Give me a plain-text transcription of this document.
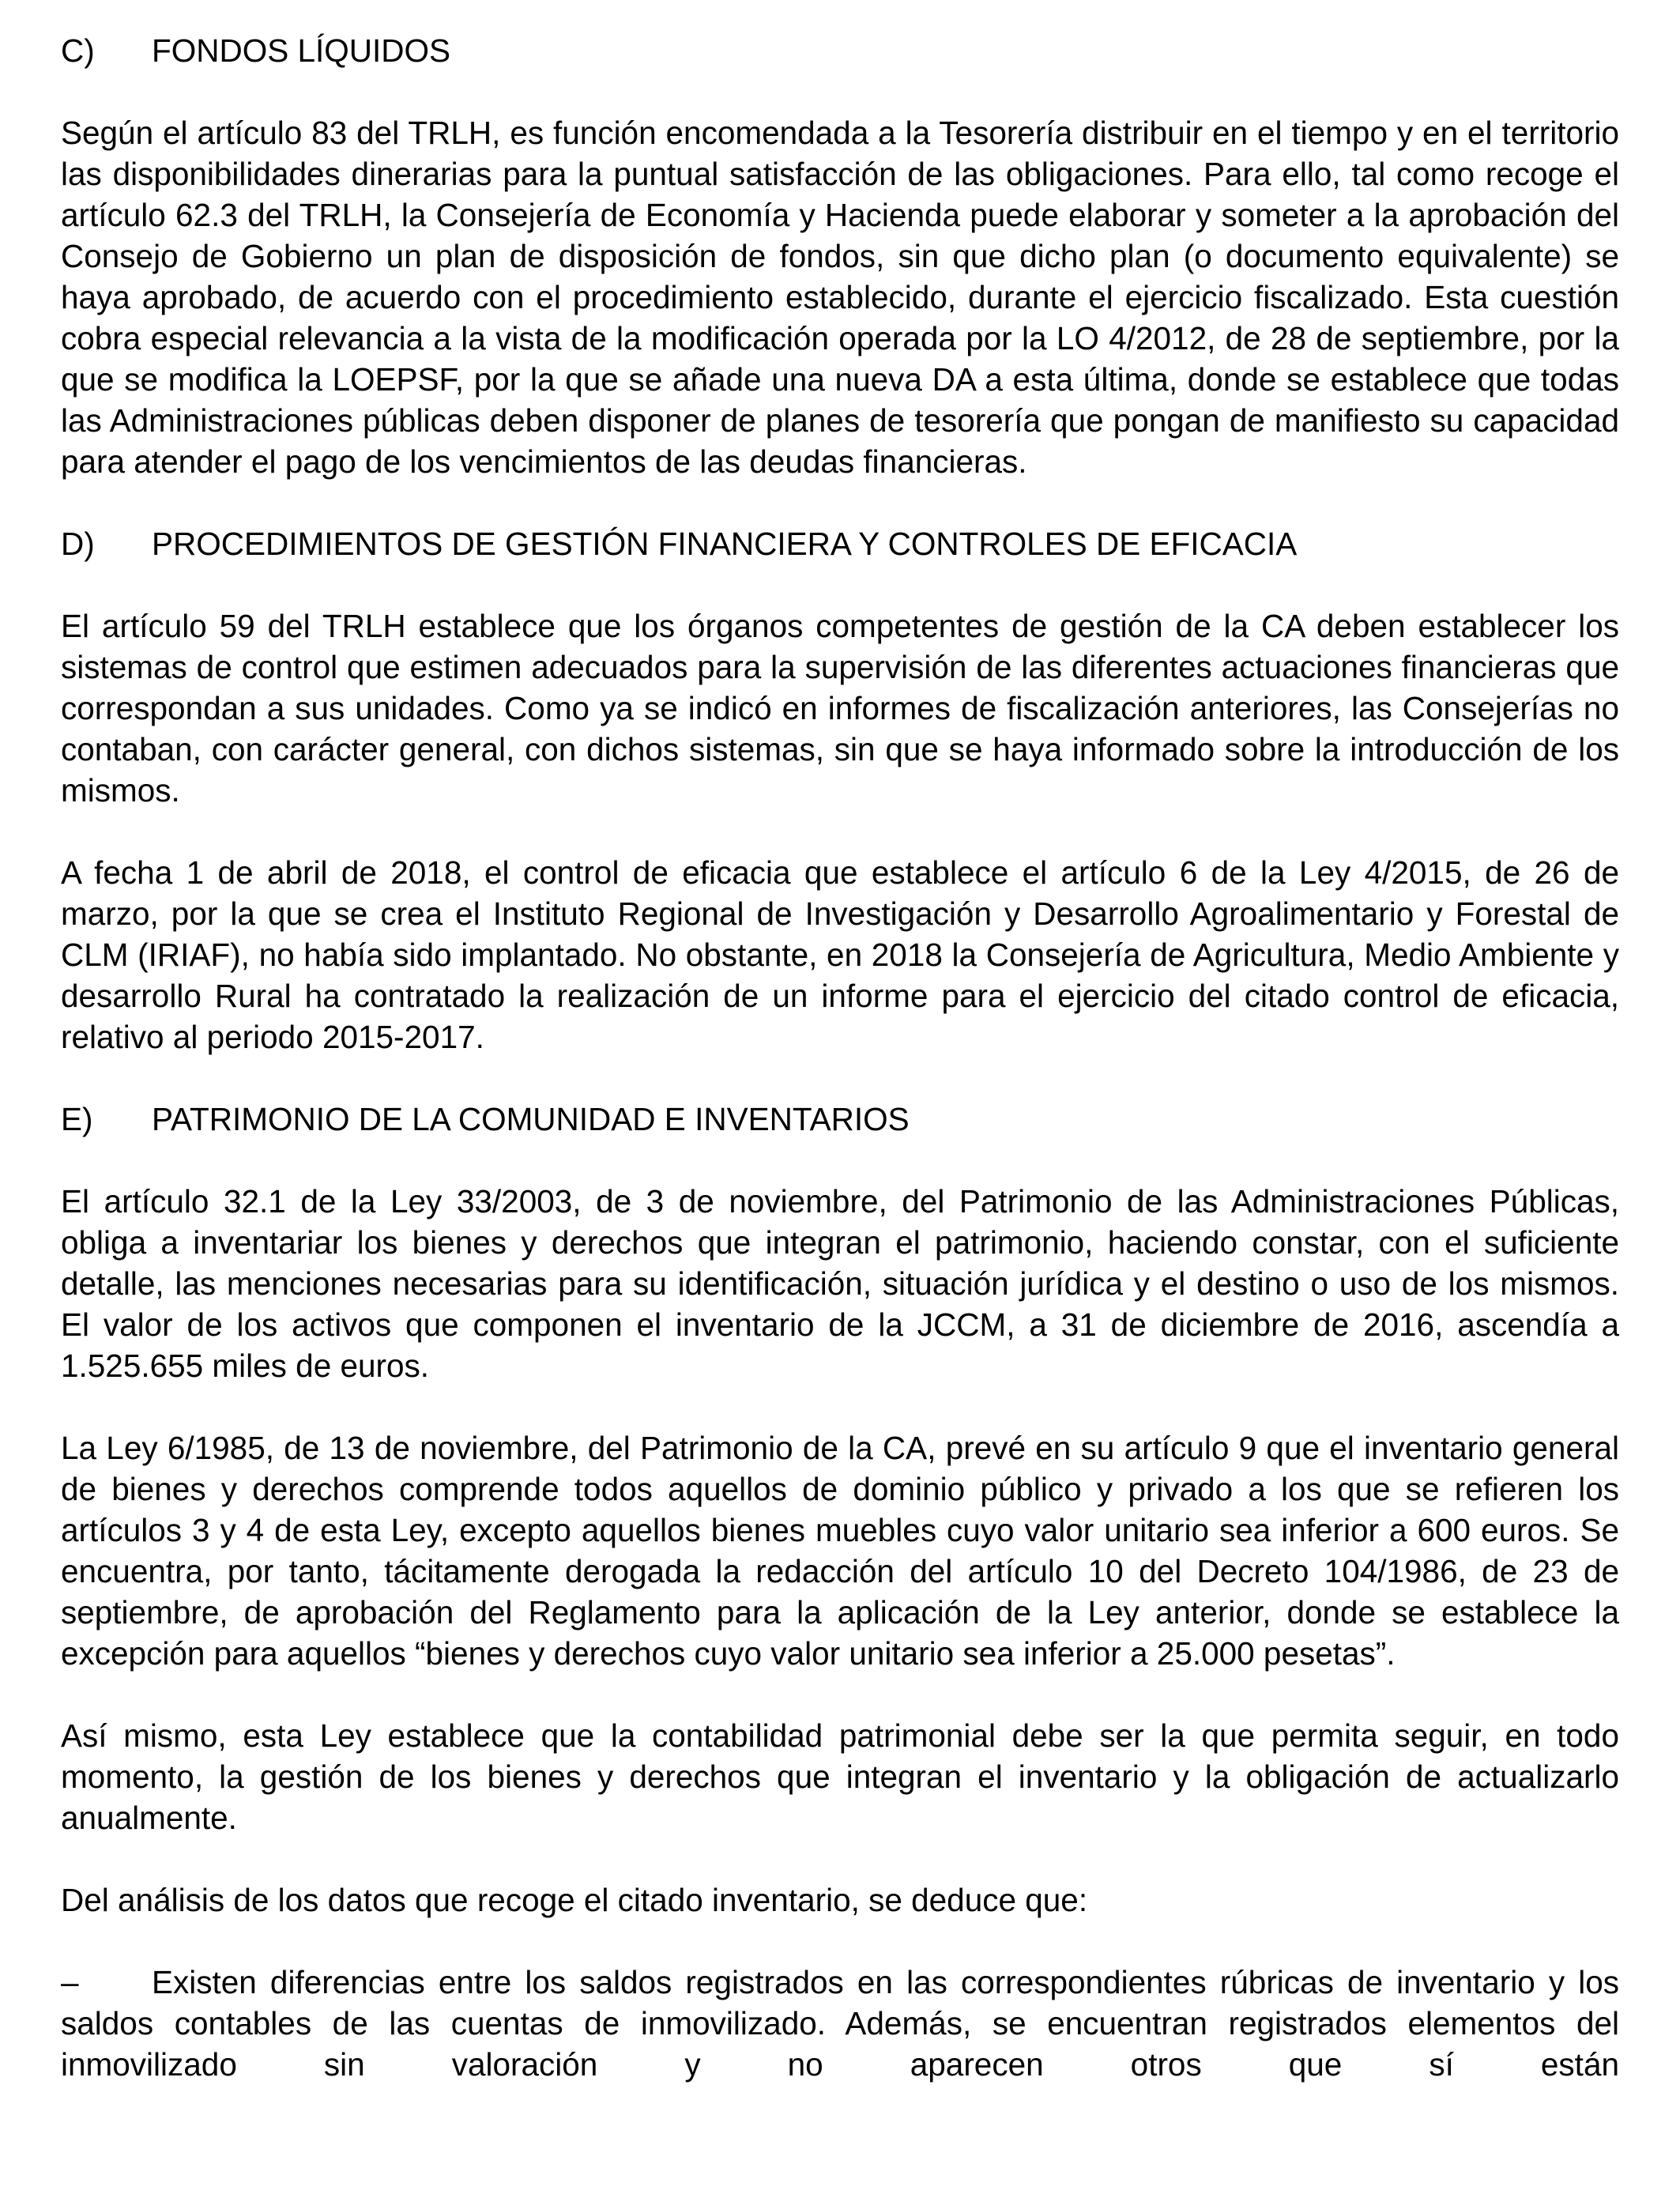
C)	FONDOS LÍQUIDOS

Según el artículo 83 del TRLH, es función encomendada a la Tesorería distribuir en el tiempo y en el territorio las disponibilidades dinerarias para la puntual satisfacción de las obligaciones. Para ello, tal como recoge el artículo 62.3 del TRLH, la Consejería de Economía y Hacienda puede elaborar y someter a la aprobación del Consejo de Gobierno un plan de disposición de fondos, sin que dicho plan (o documento equivalente) se haya aprobado, de acuerdo con el procedimiento establecido, durante el ejercicio fiscalizado. Esta cuestión cobra especial relevancia a la vista de la modificación operada por la LO 4/2012, de 28 de septiembre, por la que se modifica la LOEPSF, por la que se añade una nueva DA a esta última, donde se establece que todas las Administraciones públicas deben disponer de planes de tesorería que pongan de manifiesto su capacidad para atender el pago de los vencimientos de las deudas financieras.

D)	PROCEDIMIENTOS DE GESTIÓN FINANCIERA Y CONTROLES DE EFICACIA

El artículo 59 del TRLH establece que los órganos competentes de gestión de la CA deben establecer los sistemas de control que estimen adecuados para la supervisión de las diferentes actuaciones financieras que correspondan a sus unidades. Como ya se indicó en informes de fiscalización anteriores, las Consejerías no contaban, con carácter general, con dichos sistemas, sin que se haya informado sobre la introducción de los mismos.

A fecha 1 de abril de 2018, el control de eficacia que establece el artículo 6 de la Ley 4/2015, de 26 de marzo, por la que se crea el Instituto Regional de Investigación y Desarrollo Agroalimentario y Forestal de CLM (IRIAF), no había sido implantado. No obstante, en 2018 la Consejería de Agricultura, Medio Ambiente y desarrollo Rural ha contratado la realización de un informe para el ejercicio del citado control de eficacia, relativo al periodo 2015-2017.

E)	PATRIMONIO DE LA COMUNIDAD E INVENTARIOS

El artículo 32.1 de la Ley 33/2003, de 3 de noviembre, del Patrimonio de las Administraciones Públicas, obliga a inventariar los bienes y derechos que integran el patrimonio, haciendo constar, con el suficiente detalle, las menciones necesarias para su identificación, situación jurídica y el destino o uso de los mismos. El valor de los activos que componen el inventario de la JCCM, a 31 de diciembre de 2016, ascendía a 1.525.655 miles de euros.

La Ley 6/1985, de 13 de noviembre, del Patrimonio de la CA, prevé en su artículo 9 que el inventario general de bienes y derechos comprende todos aquellos de dominio público y privado a los que se refieren los artículos 3 y 4 de esta Ley, excepto aquellos bienes muebles cuyo valor unitario sea inferior a 600 euros. Se encuentra, por tanto, tácitamente derogada la redacción del artículo 10 del Decreto 104/1986, de 23 de septiembre, de aprobación del Reglamento para la aplicación de la Ley anterior, donde se establece la excepción para aquellos “bienes y derechos cuyo valor unitario sea inferior a 25.000 pesetas”.

Así mismo, esta Ley establece que la contabilidad patrimonial debe ser la que permita seguir, en todo momento, la gestión de los bienes y derechos que integran el inventario y la obligación de actualizarlo anualmente.

Del análisis de los datos que recoge el citado inventario, se deduce que:

– Existen diferencias entre los saldos registrados en las correspondientes rúbricas de inventario y los saldos contables de las cuentas de inmovilizado. Además, se encuentran registrados elementos del inmovilizado sin valoración y no aparecen otros que sí están
